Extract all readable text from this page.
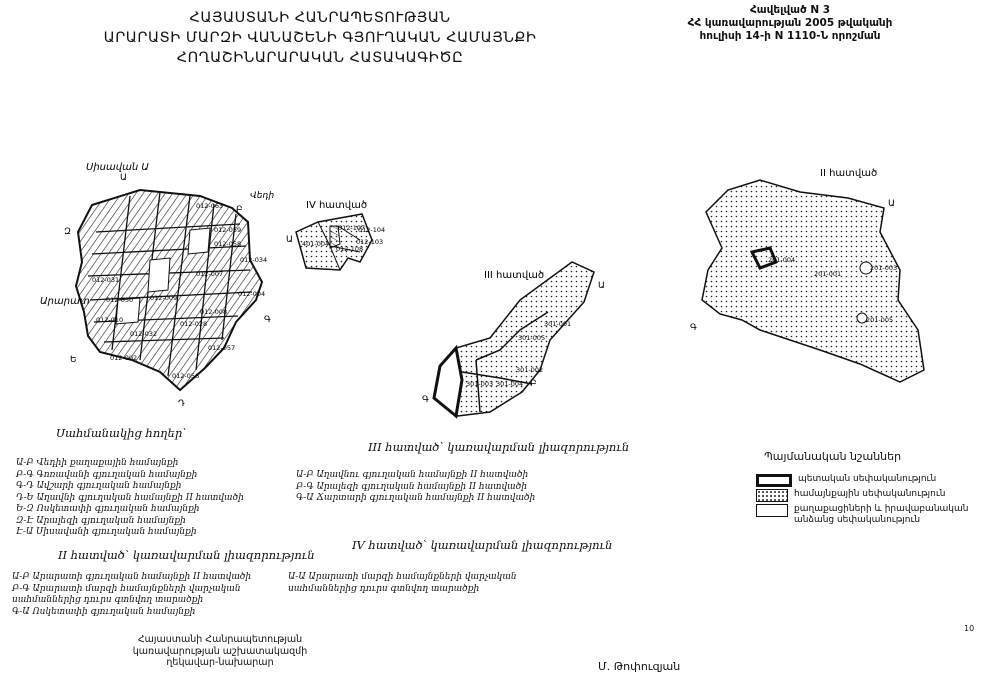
ՀԱՅԱՍՏԱՆԻ ՀԱՆՐԱՊԵՏՈՒԹՅԱՆ
ԱՐԱՐԱՏԻ ՄԱՐԶԻ ՎԱՆԱՇԵՆԻ ԳՅՈՒՂԱԿԱՆ ՀԱՄԱՅՆՔԻ
ՀՈՂԱՇԻՆԱՐԱՐԱԿԱՆ ՀԱՏԱԿԱԳԻԾԸ
Հավելված N 3
ՀՀ կառավարության 2005 թվականի
հուլիսի 14-ի N 1110-Ն որոշման
Սիսավան Ա
Արարատ
Վեդի
Ա
Բ
Գ
Դ
Ե
Զ
012-063
012-059
012-058
012-034
012-057
012-004
012-007
012-008
012-009
012-010
012-031
012-030
012-032
012-028
012-002
012-056
IV հատված
Ա 401-004
012-107
012-104
012-103
012-108
III հատված
Ա
Բ
Գ
301-001
301-002
301-003 301-004
301-005
II հատված
Ա
Գ
201-004
201-001
201-003
201-005
Սահմանակից հողեր՝
Ա-Բ Վեդիի քաղաքային համայնքի
Բ-Գ Գոռավանի գյուղական համայնքի
Գ-Դ Ավշարի գյուղական համայնքի
Դ-Ե Աղավնի գյուղական համայնքի II հատվածի
Ե-Զ Ոսկետափի գյուղական համայնքի
Զ-Է Արալեզի գյուղական համայնքի
Է-Ա Սիսավանի գյուղական համայնքի
III հատված՝ կառավարման լիազորություն
Ա-Բ Աղավնու գյուղական համայնքի II հատվածի
Բ-Գ Արալեզի գյուղական համայնքի II հատվածի
Գ-Ա Ճարտարի գյուղական համայնքի II հատվածի
II հատված՝ կառավարման լիազորություն
Ա-Բ Արարատի գյուղական համայնքի II հատվածի
Բ-Գ Արարատի մարզի համայնքների վարչական
սահմաններից դուրս գտնվող տարածքի
Գ-Ա Ոսկետափի գյուղական համայնքի
IV հատված՝ կառավարման լիազորություն
Ա-Ա Արարատի մարզի համայնքների վարչական
սահմաններից դուրս գտնվող տարածքի
Պայմանական նշաններ
պետական սեփականություն
համայնքային սեփականություն
քաղաքացիների և իրավաբանական
անձանց սեփականություն
Հայաստանի Հանրապետության
կառավարության աշխատակազմի
ղեկավար-նախարար	Մ. Թոփուզյան
10
